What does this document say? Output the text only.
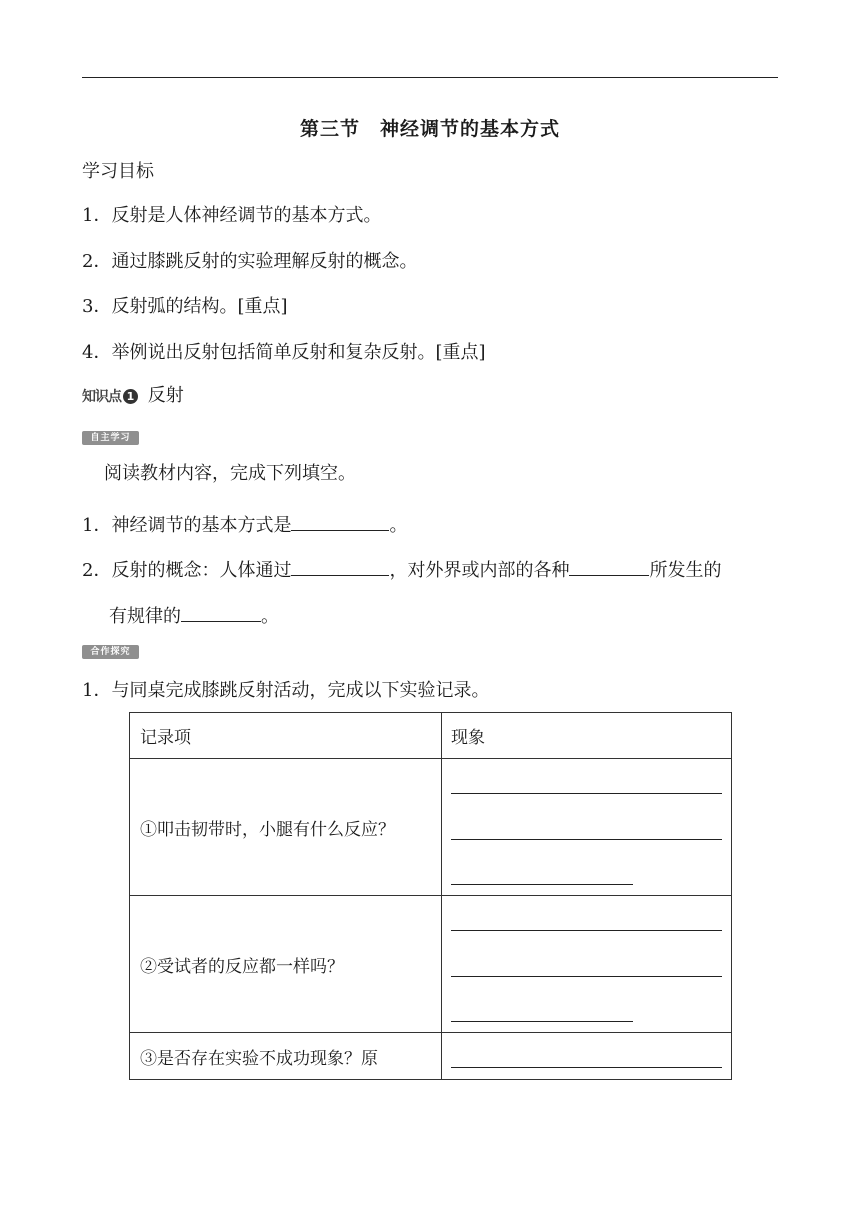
第三节　神经调节的基本方式
学习目标
1．反射是人体神经调节的基本方式。
2．通过膝跳反射的实验理解反射的概念。
3．反射弧的结构。[重点]
4．举例说出反射包括简单反射和复杂反射。[重点]
知识点 1 反射
自主学习
阅读教材内容，完成下列填空。
1．神经调节的基本方式是	。
2．反射的概念：人体通过	，对外界或内部的各种	所发生的
有规律的	。
合作探究
1．与同桌完成膝跳反射活动，完成以下实验记录。
记录项	现象
①叩击韧带时，小腿有什么反应？	

②受试者的反应都一样吗？	

③是否存在实验不成功现象？原	
